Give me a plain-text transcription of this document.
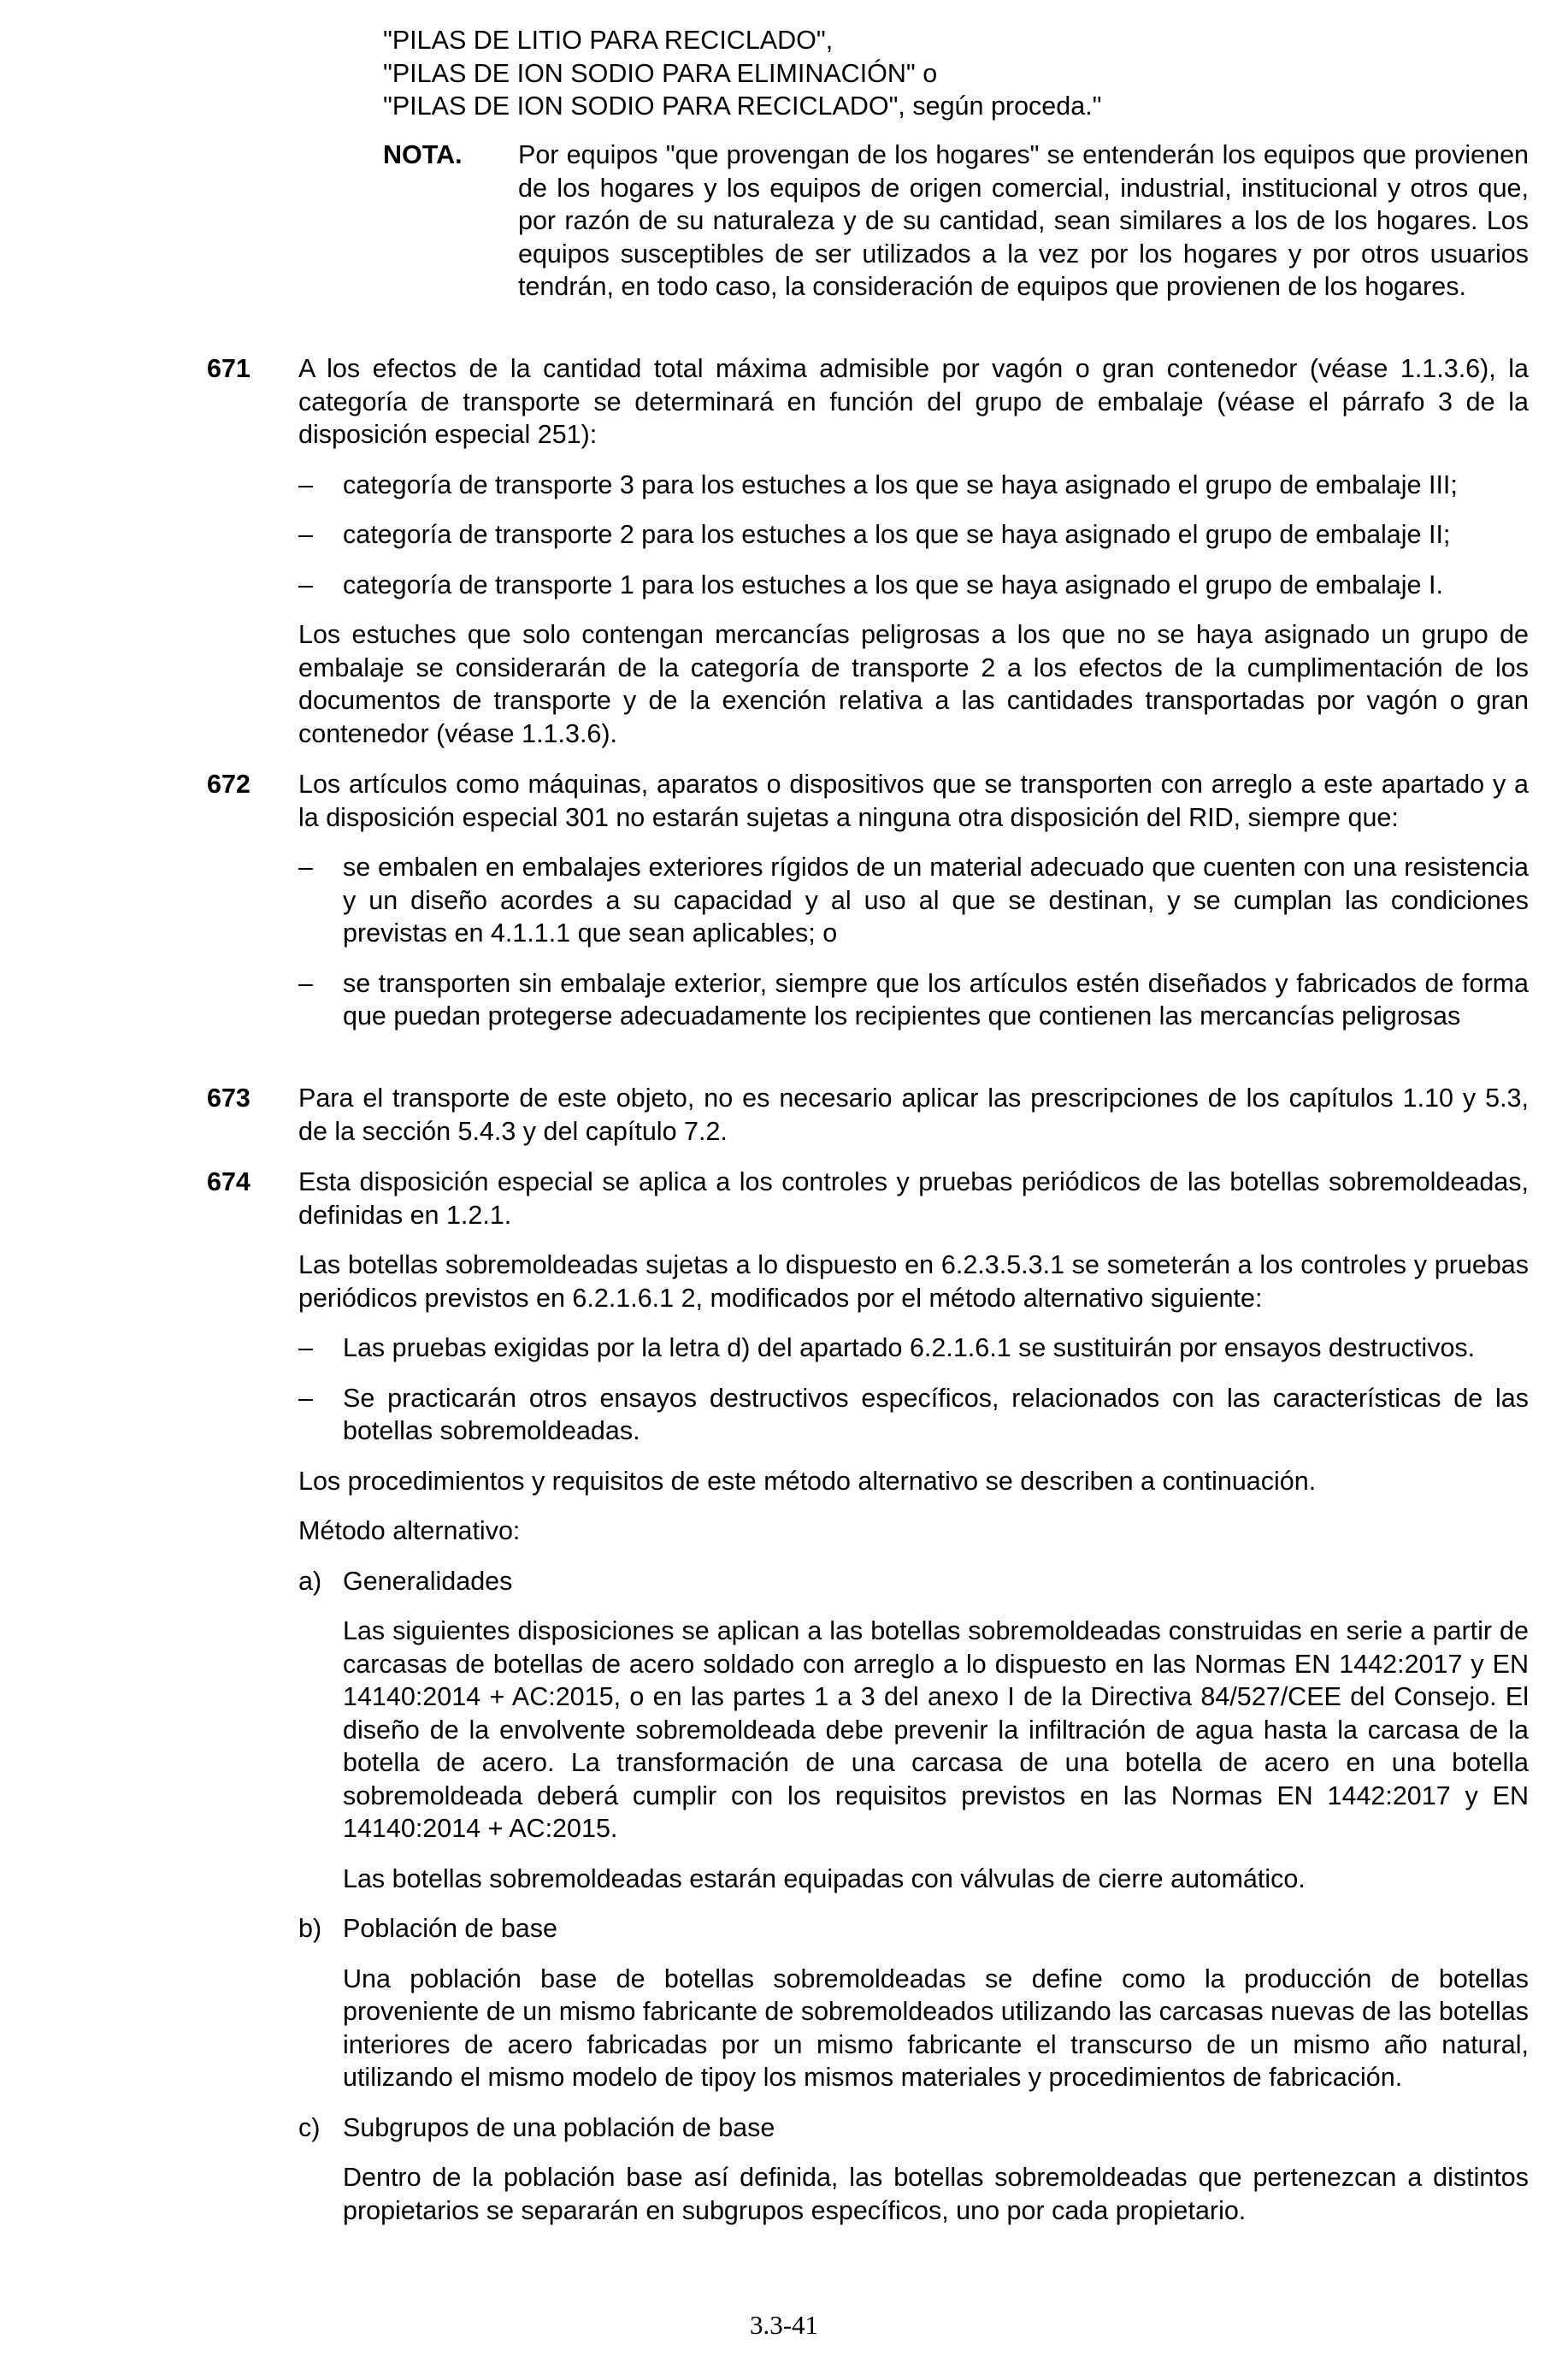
"PILAS DE LITIO PARA RECICLADO",
"PILAS DE ION SODIO PARA ELIMINACIÓN" o
"PILAS DE ION SODIO PARA RECICLADO", según proceda."
NOTA. Por equipos "que provengan de los hogares" se entenderán los equipos que provienen de los hogares y los equipos de origen comercial, industrial, institucional y otros que, por razón de su naturaleza y de su cantidad, sean similares a los de los hogares. Los equipos susceptibles de ser utilizados a la vez por los hogares y por otros usuarios tendrán, en todo caso, la consideración de equipos que provienen de los hogares.

671	A los efectos de la cantidad total máxima admisible por vagón o gran contenedor (véase 1.1.3.6), la categoría de transporte se determinará en función del grupo de embalaje (véase el párrafo 3 de la disposición especial 251):

– categoría de transporte 3 para los estuches a los que se haya asignado el grupo de embalaje III;

– categoría de transporte 2 para los estuches a los que se haya asignado el grupo de embalaje II;

– categoría de transporte 1 para los estuches a los que se haya asignado el grupo de embalaje I.

Los estuches que solo contengan mercancías peligrosas a los que no se haya asignado un grupo de embalaje se considerarán de la categoría de transporte 2 a los efectos de la cumplimentación de los documentos de transporte y de la exención relativa a las cantidades transportadas por vagón o gran contenedor (véase 1.1.3.6).

672	Los artículos como máquinas, aparatos o dispositivos que se transporten con arreglo a este apartado y a la disposición especial 301 no estarán sujetas a ninguna otra disposición del RID, siempre que:

– se embalen en embalajes exteriores rígidos de un material adecuado que cuenten con una resistencia y un diseño acordes a su capacidad y al uso al que se destinan, y se cumplan las condiciones previstas en 4.1.1.1 que sean aplicables; o

– se transporten sin embalaje exterior, siempre que los artículos estén diseñados y fabricados de forma que puedan protegerse adecuadamente los recipientes que contienen las mercancías peligrosas

673	Para el transporte de este objeto, no es necesario aplicar las prescripciones de los capítulos 1.10 y 5.3, de la sección 5.4.3 y del capítulo 7.2.

674	Esta disposición especial se aplica a los controles y pruebas periódicos de las botellas sobremoldeadas, definidas en 1.2.1.

Las botellas sobremoldeadas sujetas a lo dispuesto en 6.2.3.5.3.1 se someterán a los controles y pruebas periódicos previstos en 6.2.1.6.1 2, modificados por el método alternativo siguiente:

– Las pruebas exigidas por la letra d) del apartado 6.2.1.6.1 se sustituirán por ensayos destructivos.

– Se practicarán otros ensayos destructivos específicos, relacionados con las características de las botellas sobremoldeadas.

Los procedimientos y requisitos de este método alternativo se describen a continuación.

Método alternativo:

a) Generalidades

Las siguientes disposiciones se aplican a las botellas sobremoldeadas construidas en serie a partir de carcasas de botellas de acero soldado con arreglo a lo dispuesto en las Normas EN 1442:2017 y EN 14140:2014 + AC:2015, o en las partes 1 a 3 del anexo I de la Directiva 84/527/CEE del Consejo. El diseño de la envolvente sobremoldeada debe prevenir la infiltración de agua hasta la carcasa de la botella de acero. La transformación de una carcasa de una botella de acero en una botella sobremoldeada deberá cumplir con los requisitos previstos en las Normas EN 1442:2017 y EN 14140:2014 + AC:2015.

Las botellas sobremoldeadas estarán equipadas con válvulas de cierre automático.

b) Población de base

Una población base de botellas sobremoldeadas se define como la producción de botellas proveniente de un mismo fabricante de sobremoldeados utilizando las carcasas nuevas de las botellas interiores de acero fabricadas por un mismo fabricante el transcurso de un mismo año natural, utilizando el mismo modelo de tipoy los mismos materiales y procedimientos de fabricación.

c) Subgrupos de una población de base

Dentro de la población base así definida, las botellas sobremoldeadas que pertenezcan a distintos propietarios se separarán en subgrupos específicos, uno por cada propietario.

3.3-41
